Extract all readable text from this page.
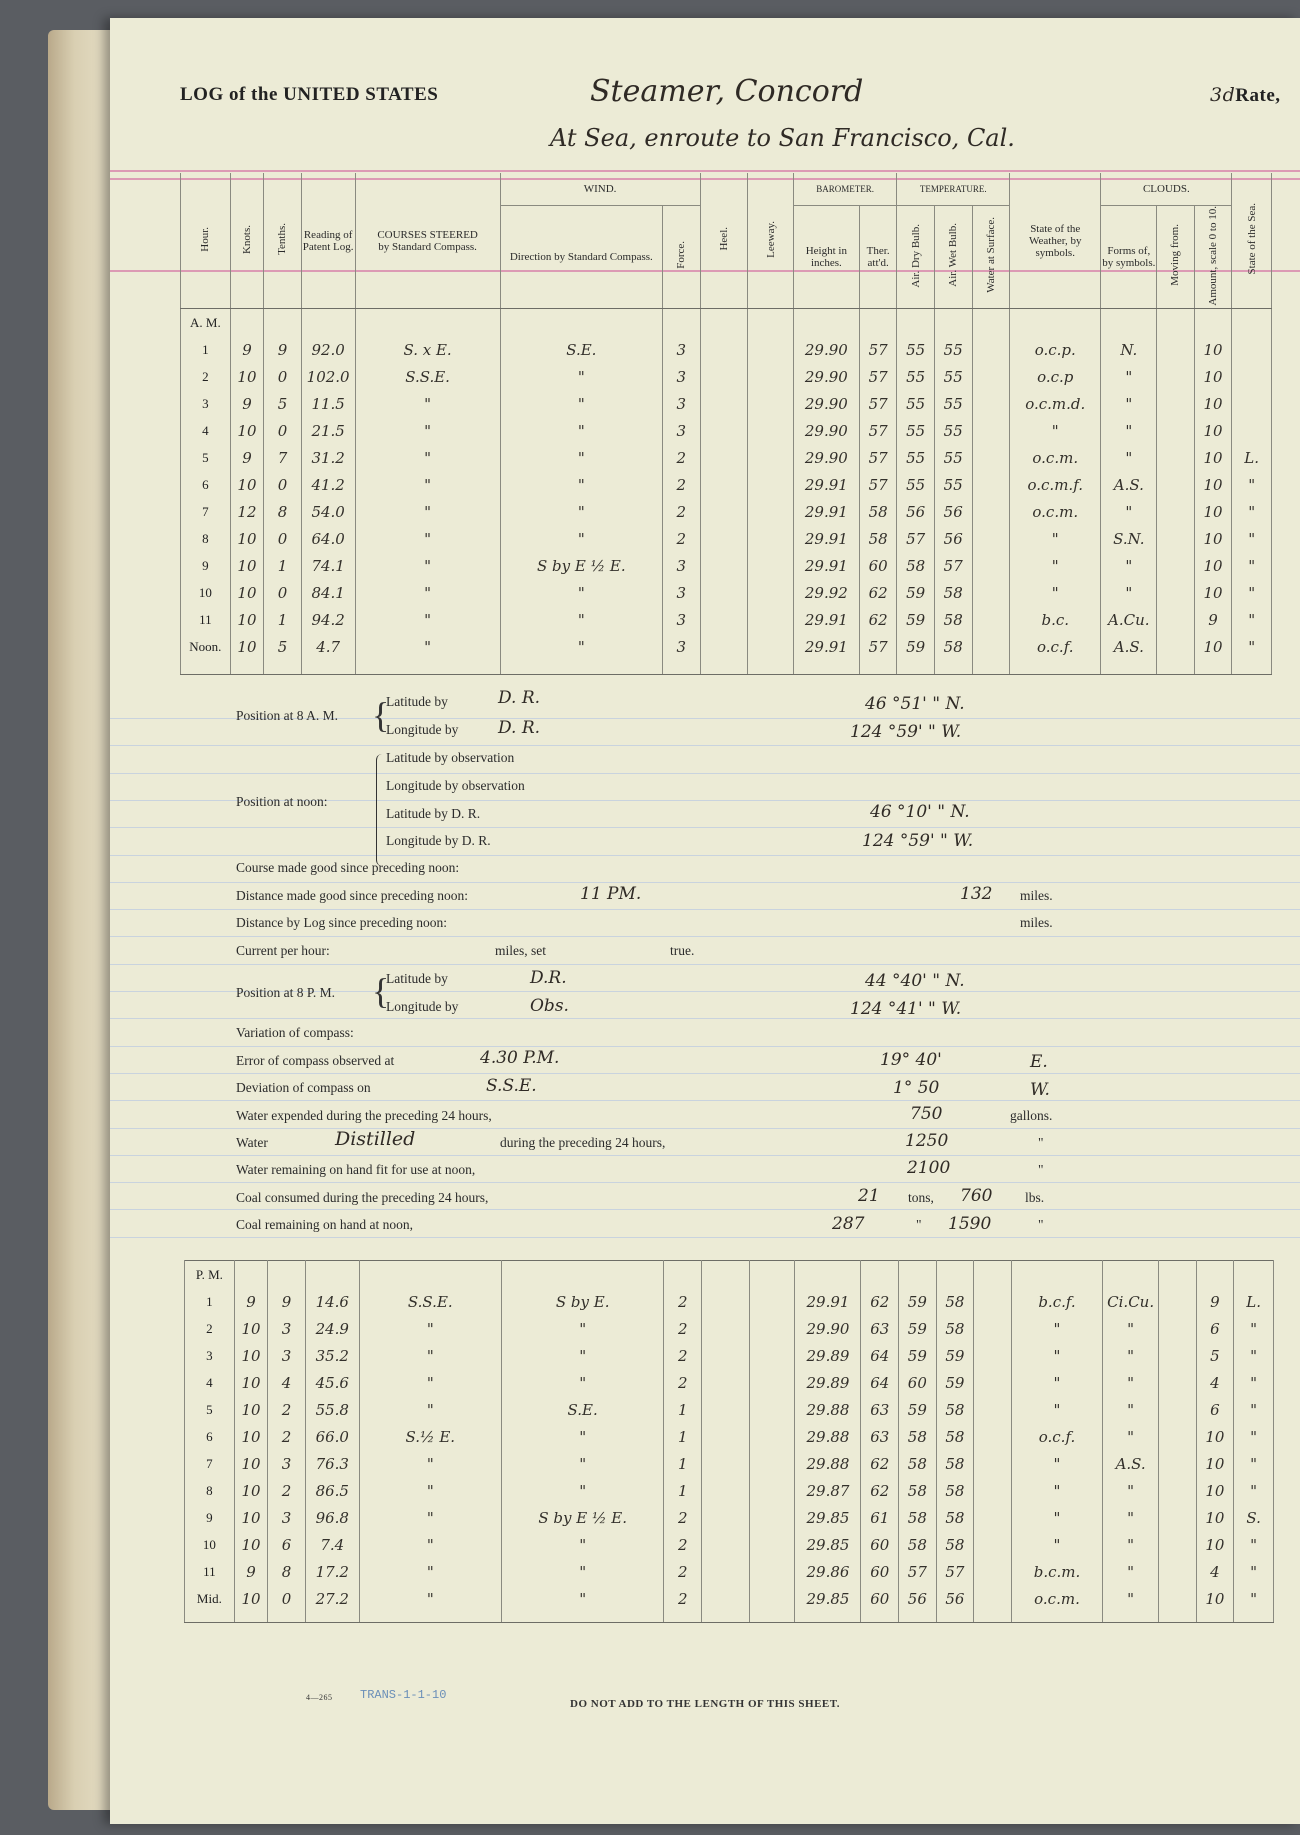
LOG of the UNITED STATES	Steamer, Concord	3dRate,
At Sea, enroute to San Francisco, Cal.
Hour.	Knots.	Tenths.	Reading of Patent Log.	COURSES STEERED
by Standard Compass.	WIND.		Heel.	Leeway.	BAROMETER.		TEMPERATURE.			State of the Weather, by symbols.	CLOUDS.			State of the Sea.
					Direction by Standard Compass.	Force.			Height in inches.	Ther. att'd.	Air. Dry Bulb.	Air. Wet Bulb.	Water at Surface.		Forms of, by symbols.	Moving from.	Amount, scale 0 to 10.	
A. M.																		
1	9	9	92.0	S. x E.	S.E.	3			29.90	57	55	55		o.c.p.	N.		10	
2	10	0	102.0	S.S.E.	"	3			29.90	57	55	55		o.c.p	"		10	
3	9	5	11.5	"	"	3			29.90	57	55	55		o.c.m.d.	"		10	
4	10	0	21.5	"	"	3			29.90	57	55	55		"	"		10	
5	9	7	31.2	"	"	2			29.90	57	55	55		o.c.m.	"		10	L.
6	10	0	41.2	"	"	2			29.91	57	55	55		o.c.m.f.	A.S.		10	"
7	12	8	54.0	"	"	2			29.91	58	56	56		o.c.m.	"		10	"
8	10	0	64.0	"	"	2			29.91	58	57	56		"	S.N.		10	"
9	10	1	74.1	"	S by E ½ E.	3			29.91	60	58	57		"	"		10	"
10	10	0	84.1	"	"	3			29.92	62	59	58		"	"		10	"
11	10	1	94.2	"	"	3			29.91	62	59	58		b.c.	A.Cu.		9	"
Noon.	10	5	4.7	"	"	3			29.91	57	59	58		o.c.f.	A.S.		10	"

Position at 8 A. M. {
Latitude by	D. R.	46 °51' " N.
Longitude by D. R.	124 °59' " W.
Position at noon:
Latitude by observation
Longitude by observation
Latitude by D. R.	46 °10' " N.
Longitude by D. R.	124 °59' " W.
Course made good since preceding noon:
Distance made good since preceding noon:	11 PM.	132 miles.
Distance by Log since preceding noon:	miles.
Current per hour:	miles, set	true.
Position at 8 P. M. {
Latitude by	D.R.	44 °40' " N.
Longitude by	Obs.	124 °41' " W.
Variation of compass:
Error of compass observed at	4.30 P.M.	19° 40'	E.
Deviation of compass on	S.S.E.	1° 50	W.
Water expended during the preceding 24 hours,	750	gallons.
Water	Distilled	during the preceding 24 hours,	1250	"
Water remaining on hand fit for use at noon,	2100	"
Coal consumed during the preceding 24 hours,	21 tons, 760 lbs.
Coal remaining on hand at noon,	287	" 1590	"
P. M.																		
1	9	9	14.6	S.S.E.	S by E.	2			29.91	62	59	58		b.c.f.	Ci.Cu.		9	L.
2	10	3	24.9	"	"	2			29.90	63	59	58		"	"		6	"
3	10	3	35.2	"	"	2			29.89	64	59	59		"	"		5	"
4	10	4	45.6	"	"	2			29.89	64	60	59		"	"		4	"
5	10	2	55.8	"	S.E.	1			29.88	63	59	58		"	"		6	"
6	10	2	66.0	S.½ E.	"	1			29.88	63	58	58		o.c.f.	"		10	"
7	10	3	76.3	"	"	1			29.88	62	58	58		"	A.S.		10	"
8	10	2	86.5	"	"	1			29.87	62	58	58		"	"		10	"
9	10	3	96.8	"	S by E ½ E.	2			29.85	61	58	58		"	"		10	S.
10	10	6	7.4	"	"	2			29.85	60	58	58		"	"		10	"
11	9	8	17.2	"	"	2			29.86	60	57	57		b.c.m.	"		4	"
Mid.	10	0	27.2	"	"	2			29.85	60	56	56		o.c.m.	"		10	"

4—265 TRANS-1-1-10
DO NOT ADD TO THE LENGTH OF THIS SHEET.
